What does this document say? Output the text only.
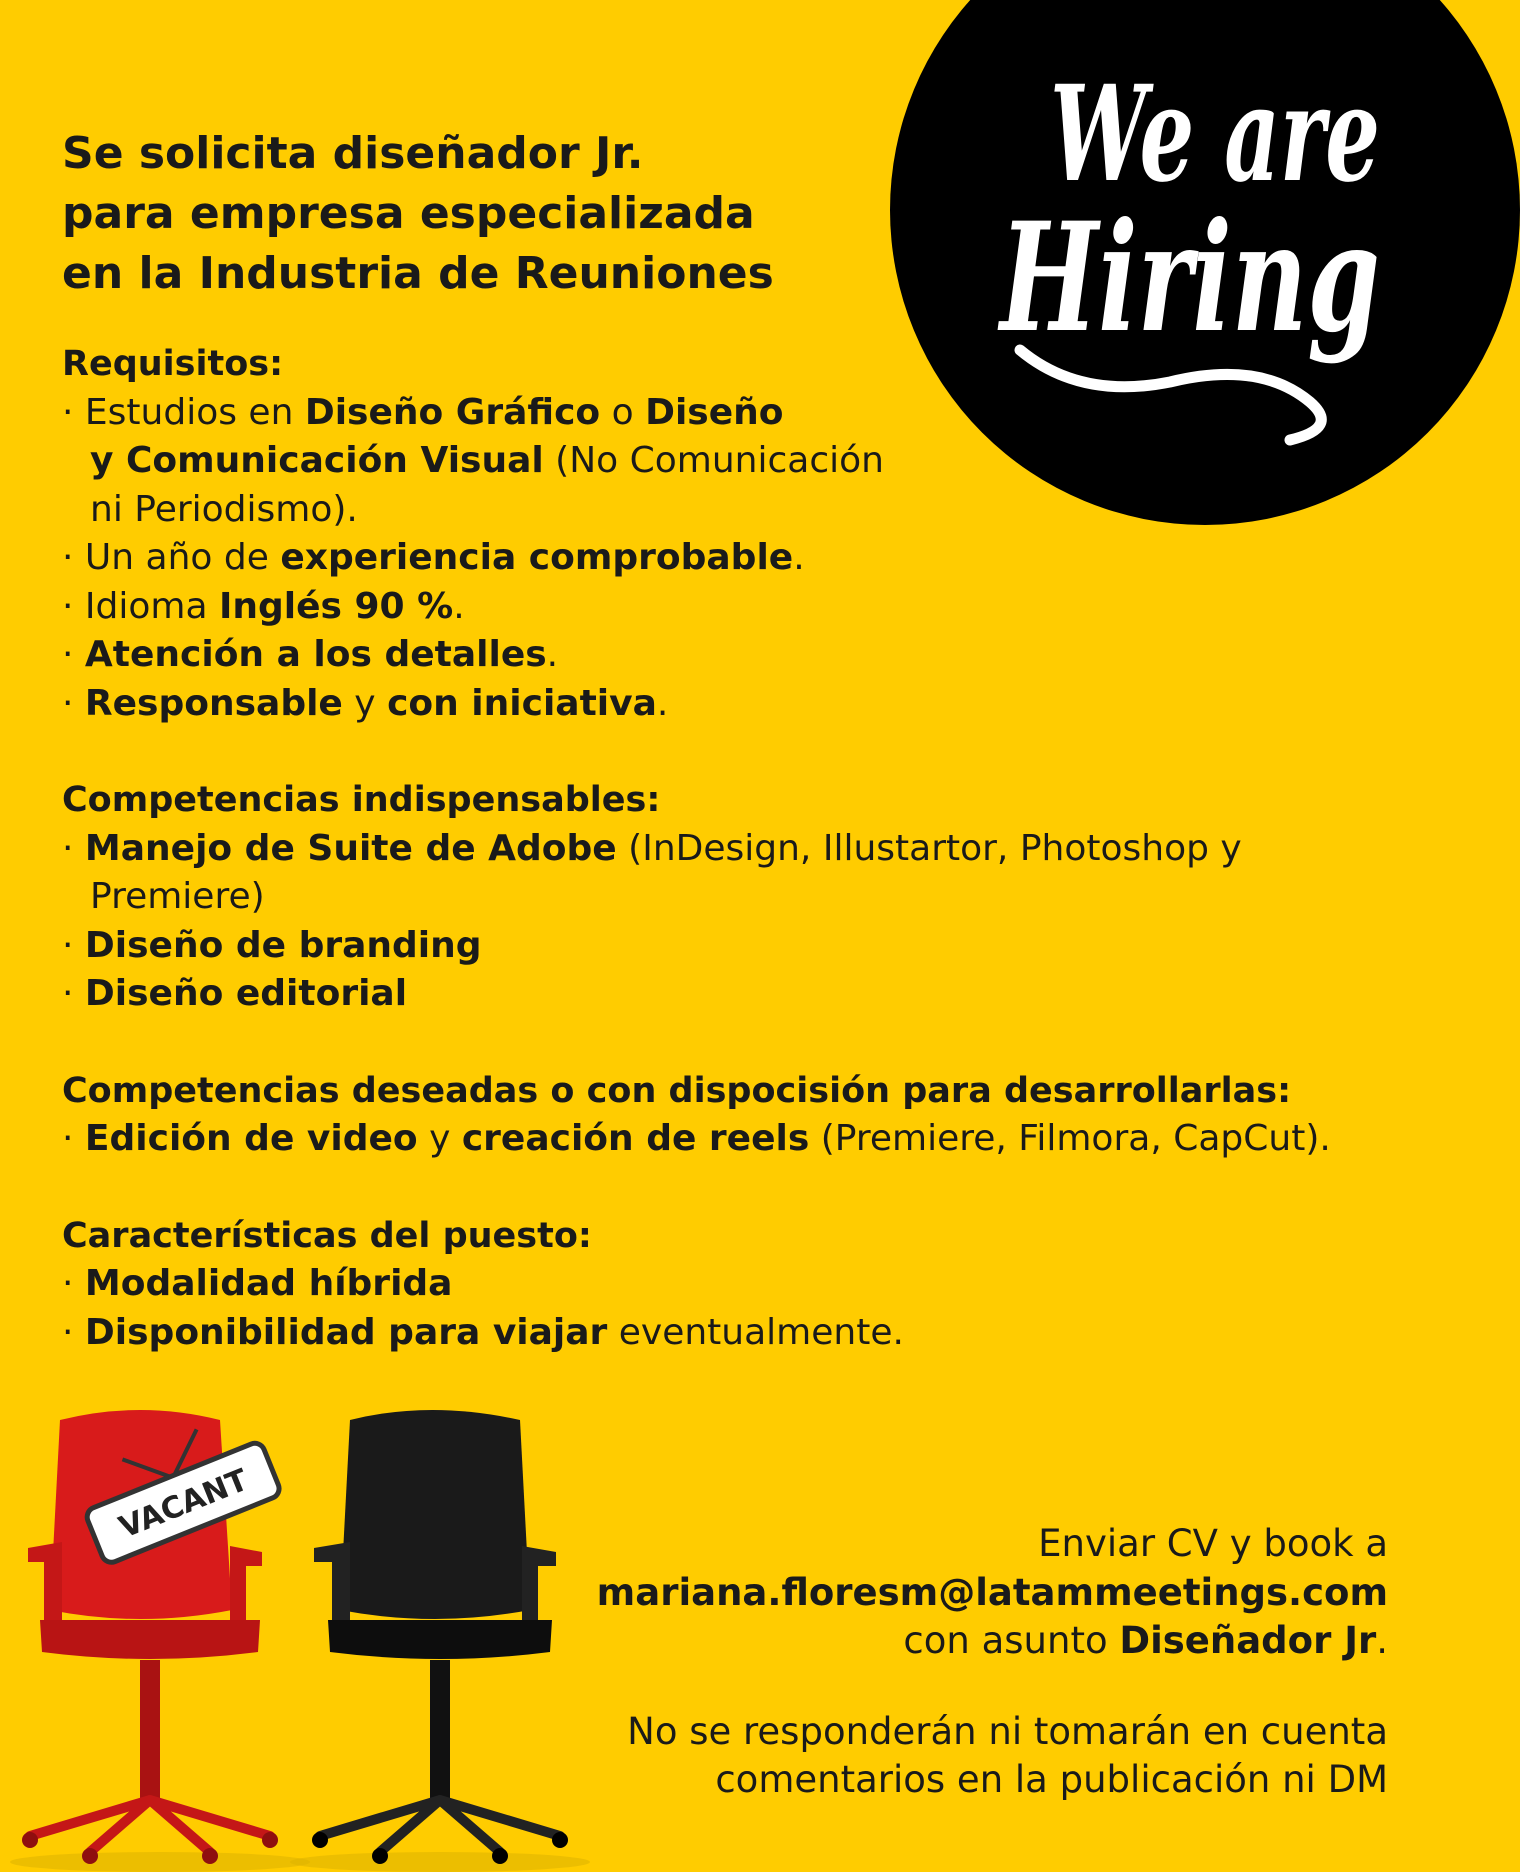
We are
Hiring
Se solicita diseñador Jr.
para empresa especializada
en la Industria de Reuniones
Requisitos:
· Estudios en Diseño Gráfico o Diseño
y Comunicación Visual (No Comunicación
ni Periodismo).
· Un año de experiencia comprobable.
· Idioma Inglés 90 %.
· Atención a los detalles.
· Responsable y con iniciativa.
Competencias indispensables:
· Manejo de Suite de Adobe (InDesign, Illustartor, Photoshop y
Premiere)
· Diseño de branding
· Diseño editorial
Competencias deseadas o con dispocisión para desarrollarlas:
· Edición de video y creación de reels (Premiere, Filmora, CapCut).
Características del puesto:
· Modalidad híbrida
· Disponibilidad para viajar eventualmente.
VACANT	Enviar CV y book a
mariana.floresm@latammeetings.com
con asunto Diseñador Jr.
No se responderán ni tomarán en cuenta
comentarios en la publicación ni DM
